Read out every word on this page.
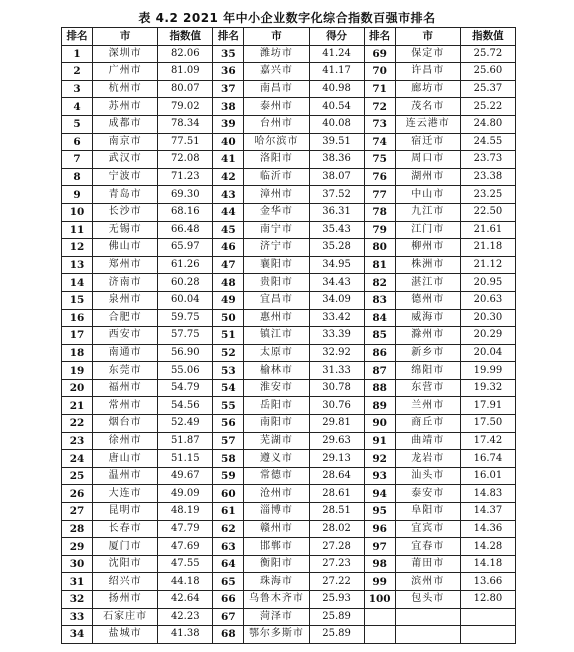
表 4.2 2021 年中小企业数字化综合指数百强市排名
排名	市	指数值	排名	市	得分	排名	市	指数值
1	深圳市	82.06	35	潍坊市	41.24	69	保定市	25.72
2	广州市	81.09	36	嘉兴市	41.17	70	许昌市	25.60
3	杭州市	80.07	37	南昌市	40.98	71	廊坊市	25.37
4	苏州市	79.02	38	泰州市	40.54	72	茂名市	25.22
5	成都市	78.34	39	台州市	40.08	73	连云港市	24.80
6	南京市	77.51	40	哈尔滨市	39.51	74	宿迁市	24.55
7	武汉市	72.08	41	洛阳市	38.36	75	周口市	23.73
8	宁波市	71.23	42	临沂市	38.07	76	湖州市	23.38
9	青岛市	69.30	43	漳州市	37.52	77	中山市	23.25
10	长沙市	68.16	44	金华市	36.31	78	九江市	22.50
11	无锡市	66.48	45	南宁市	35.43	79	江门市	21.61
12	佛山市	65.97	46	济宁市	35.28	80	柳州市	21.18
13	郑州市	61.26	47	襄阳市	34.95	81	株洲市	21.12
14	济南市	60.28	48	贵阳市	34.43	82	湛江市	20.95
15	泉州市	60.04	49	宜昌市	34.09	83	德州市	20.63
16	合肥市	59.75	50	惠州市	33.42	84	威海市	20.30
17	西安市	57.75	51	镇江市	33.39	85	滁州市	20.29
18	南通市	56.90	52	太原市	32.92	86	新乡市	20.04
19	东莞市	55.06	53	榆林市	31.33	87	绵阳市	19.99
20	福州市	54.79	54	淮安市	30.78	88	东营市	19.32
21	常州市	54.56	55	岳阳市	30.76	89	兰州市	17.91
22	烟台市	52.49	56	南阳市	29.81	90	商丘市	17.50
23	徐州市	51.87	57	芜湖市	29.63	91	曲靖市	17.42
24	唐山市	51.15	58	遵义市	29.13	92	龙岩市	16.74
25	温州市	49.67	59	常德市	28.64	93	汕头市	16.01
26	大连市	49.09	60	沧州市	28.61	94	泰安市	14.83
27	昆明市	48.19	61	淄博市	28.51	95	阜阳市	14.37
28	长春市	47.79	62	赣州市	28.02	96	宜宾市	14.36
29	厦门市	47.69	63	邯郸市	27.28	97	宜春市	14.28
30	沈阳市	47.55	64	衡阳市	27.23	98	莆田市	14.18
31	绍兴市	44.18	65	珠海市	27.22	99	滨州市	13.66
32	扬州市	42.64	66	乌鲁木齐市	25.93	100	包头市	12.80
33	石家庄市	42.23	67	菏泽市	25.89			
34	盐城市	41.38	68	鄂尔多斯市	25.89			
